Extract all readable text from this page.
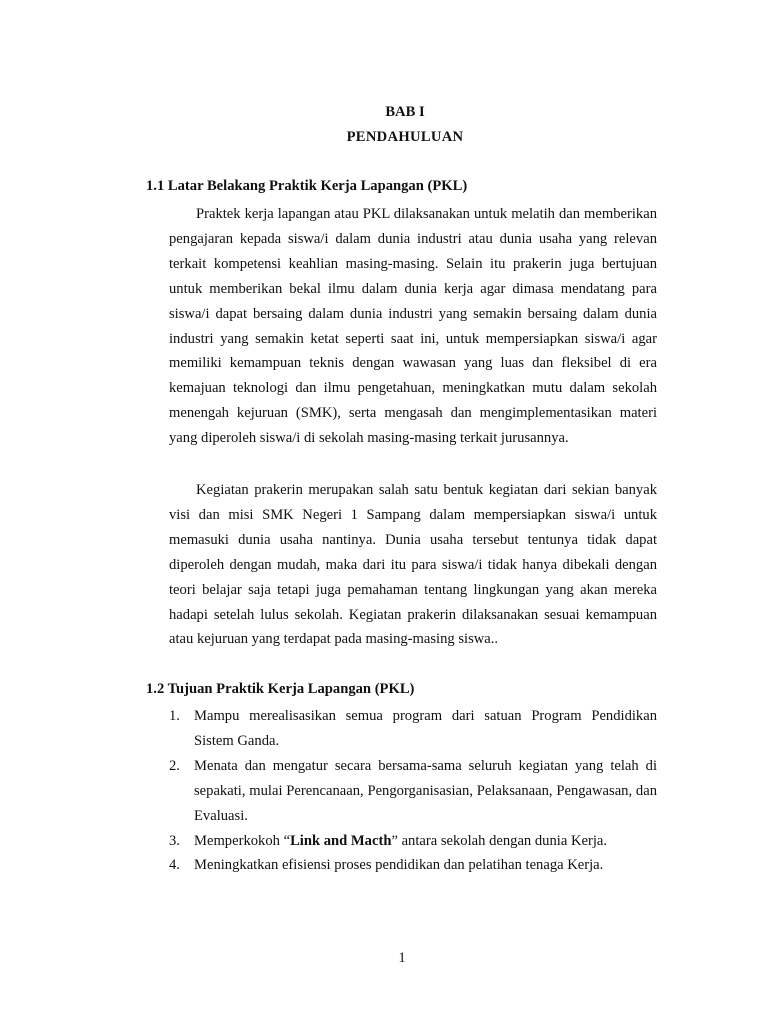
BAB I
PENDAHULUAN
1.1 Latar Belakang Praktik Kerja Lapangan (PKL)

Praktek kerja lapangan atau PKL dilaksanakan untuk melatih dan memberikan pengajaran kepada siswa/i dalam dunia industri atau dunia usaha yang relevan terkait kompetensi keahlian masing-masing. Selain itu prakerin juga bertujuan untuk memberikan bekal ilmu dalam dunia kerja agar dimasa mendatang para siswa/i dapat bersaing dalam dunia industri yang semakin bersaing dalam dunia industri yang semakin ketat seperti saat ini, untuk mempersiapkan siswa/i agar memiliki kemampuan teknis dengan wawasan yang luas dan fleksibel di era kemajuan teknologi dan ilmu pengetahuan, meningkatkan mutu dalam sekolah menengah kejuruan (SMK), serta mengasah dan mengimplementasikan materi yang diperoleh siswa/i di sekolah masing-masing terkait jurusannya.

Kegiatan prakerin merupakan salah satu bentuk kegiatan dari sekian banyak visi dan misi SMK Negeri 1 Sampang dalam mempersiapkan siswa/i untuk memasuki dunia usaha nantinya. Dunia usaha tersebut tentunya tidak dapat diperoleh dengan mudah, maka dari itu para siswa/i tidak hanya dibekali dengan teori belajar saja tetapi juga pemahaman tentang lingkungan yang akan mereka hadapi setelah lulus sekolah. Kegiatan prakerin dilaksanakan sesuai kemampuan atau kejuruan yang terdapat pada masing-masing siswa..

1.2 Tujuan Praktik Kerja Lapangan (PKL)
1. Mampu merealisasikan semua program dari satuan Program Pendidikan Sistem Ganda.
2. Menata dan mengatur secara bersama-sama seluruh kegiatan yang telah di sepakati, mulai Perencanaan, Pengorganisasian, Pelaksanaan, Pengawasan, dan Evaluasi.
3. Memperkokoh “Link and Macth” antara sekolah dengan dunia Kerja.
4. Meningkatkan efisiensi proses pendidikan dan pelatihan tenaga Kerja.
1
